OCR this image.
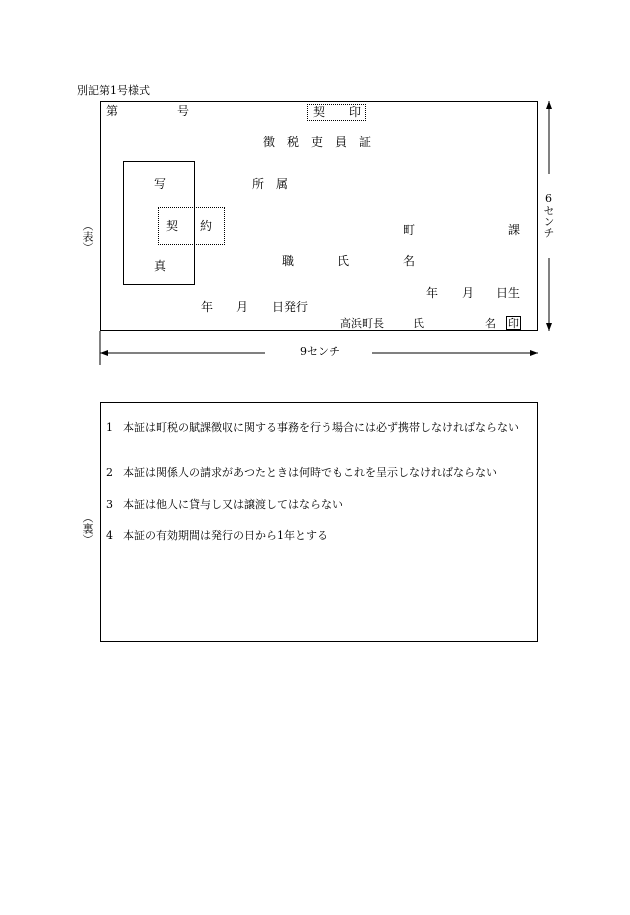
別記第1号様式
（表）
第	号	契　　印
徴　税　吏　員　証
写
真
契 約
所　属
町	課
職	氏	名
年 月 日生
年 月 日発行
高浜町長	氏	名 印
9センチ
6センチ
（裏）
1 本証は町税の賦課徴収に関する事務を行う場合には必ず携帯しなければならない
2 本証は関係人の請求があつたときは何時でもこれを呈示しなければならない
3 本証は他人に貸与し又は譲渡してはならない
4 本証の有効期間は発行の日から1年とする
